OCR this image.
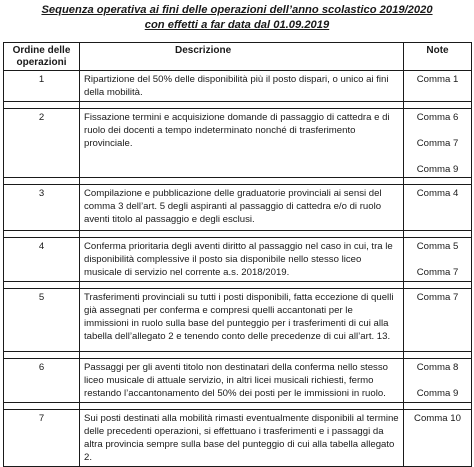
Sequenza operativa ai fini delle operazioni dell’anno scolastico 2019/2020
con effetti a far data dal 01.09.2019
Ordine delle operazioni	Descrizione	Note
1	Ripartizione del 50% delle disponibilità più il posto dispari, o unico ai fini della mobilità.	Comma 1

2	Fissazione termini e acquisizione domande di passaggio di cattedra e di ruolo dei docenti a tempo indeterminato nonché di trasferimento provinciale.	Comma 6
Comma 7
Comma 9

3	Compilazione e pubblicazione delle graduatorie provinciali ai sensi del comma 3 dell’art. 5 degli aspiranti al passaggio di cattedra e/o di ruolo aventi titolo al passaggio e degli esclusi.	Comma 4

4	Conferma prioritaria degli aventi diritto al passaggio nel caso in cui, tra le disponibilità complessive il posto sia disponibile nello stesso liceo musicale di servizio nel corrente a.s. 2018/2019.	Comma 5
Comma 7

5	Trasferimenti provinciali su tutti i posti disponibili, fatta eccezione di quelli già assegnati per conferma e compresi quelli accantonati per le immissioni in ruolo sulla base del punteggio per i trasferimenti di cui alla tabella dell’allegato 2 e tenendo conto delle precedenze di cui all’art. 13.	Comma 7

6	Passaggi per gli aventi titolo non destinatari della conferma nello stesso liceo musicale di attuale servizio, in altri licei musicali richiesti, fermo restando l’accantonamento del 50% dei posti per le immissioni in ruolo.	Comma 8
Comma 9

7	Sui posti destinati alla mobilità rimasti eventualmente disponibili al termine delle precedenti operazioni, si effettuano i trasferimenti e i passaggi da altra provincia sempre sulla base del punteggio di cui alla tabella allegato 2.	Comma 10
